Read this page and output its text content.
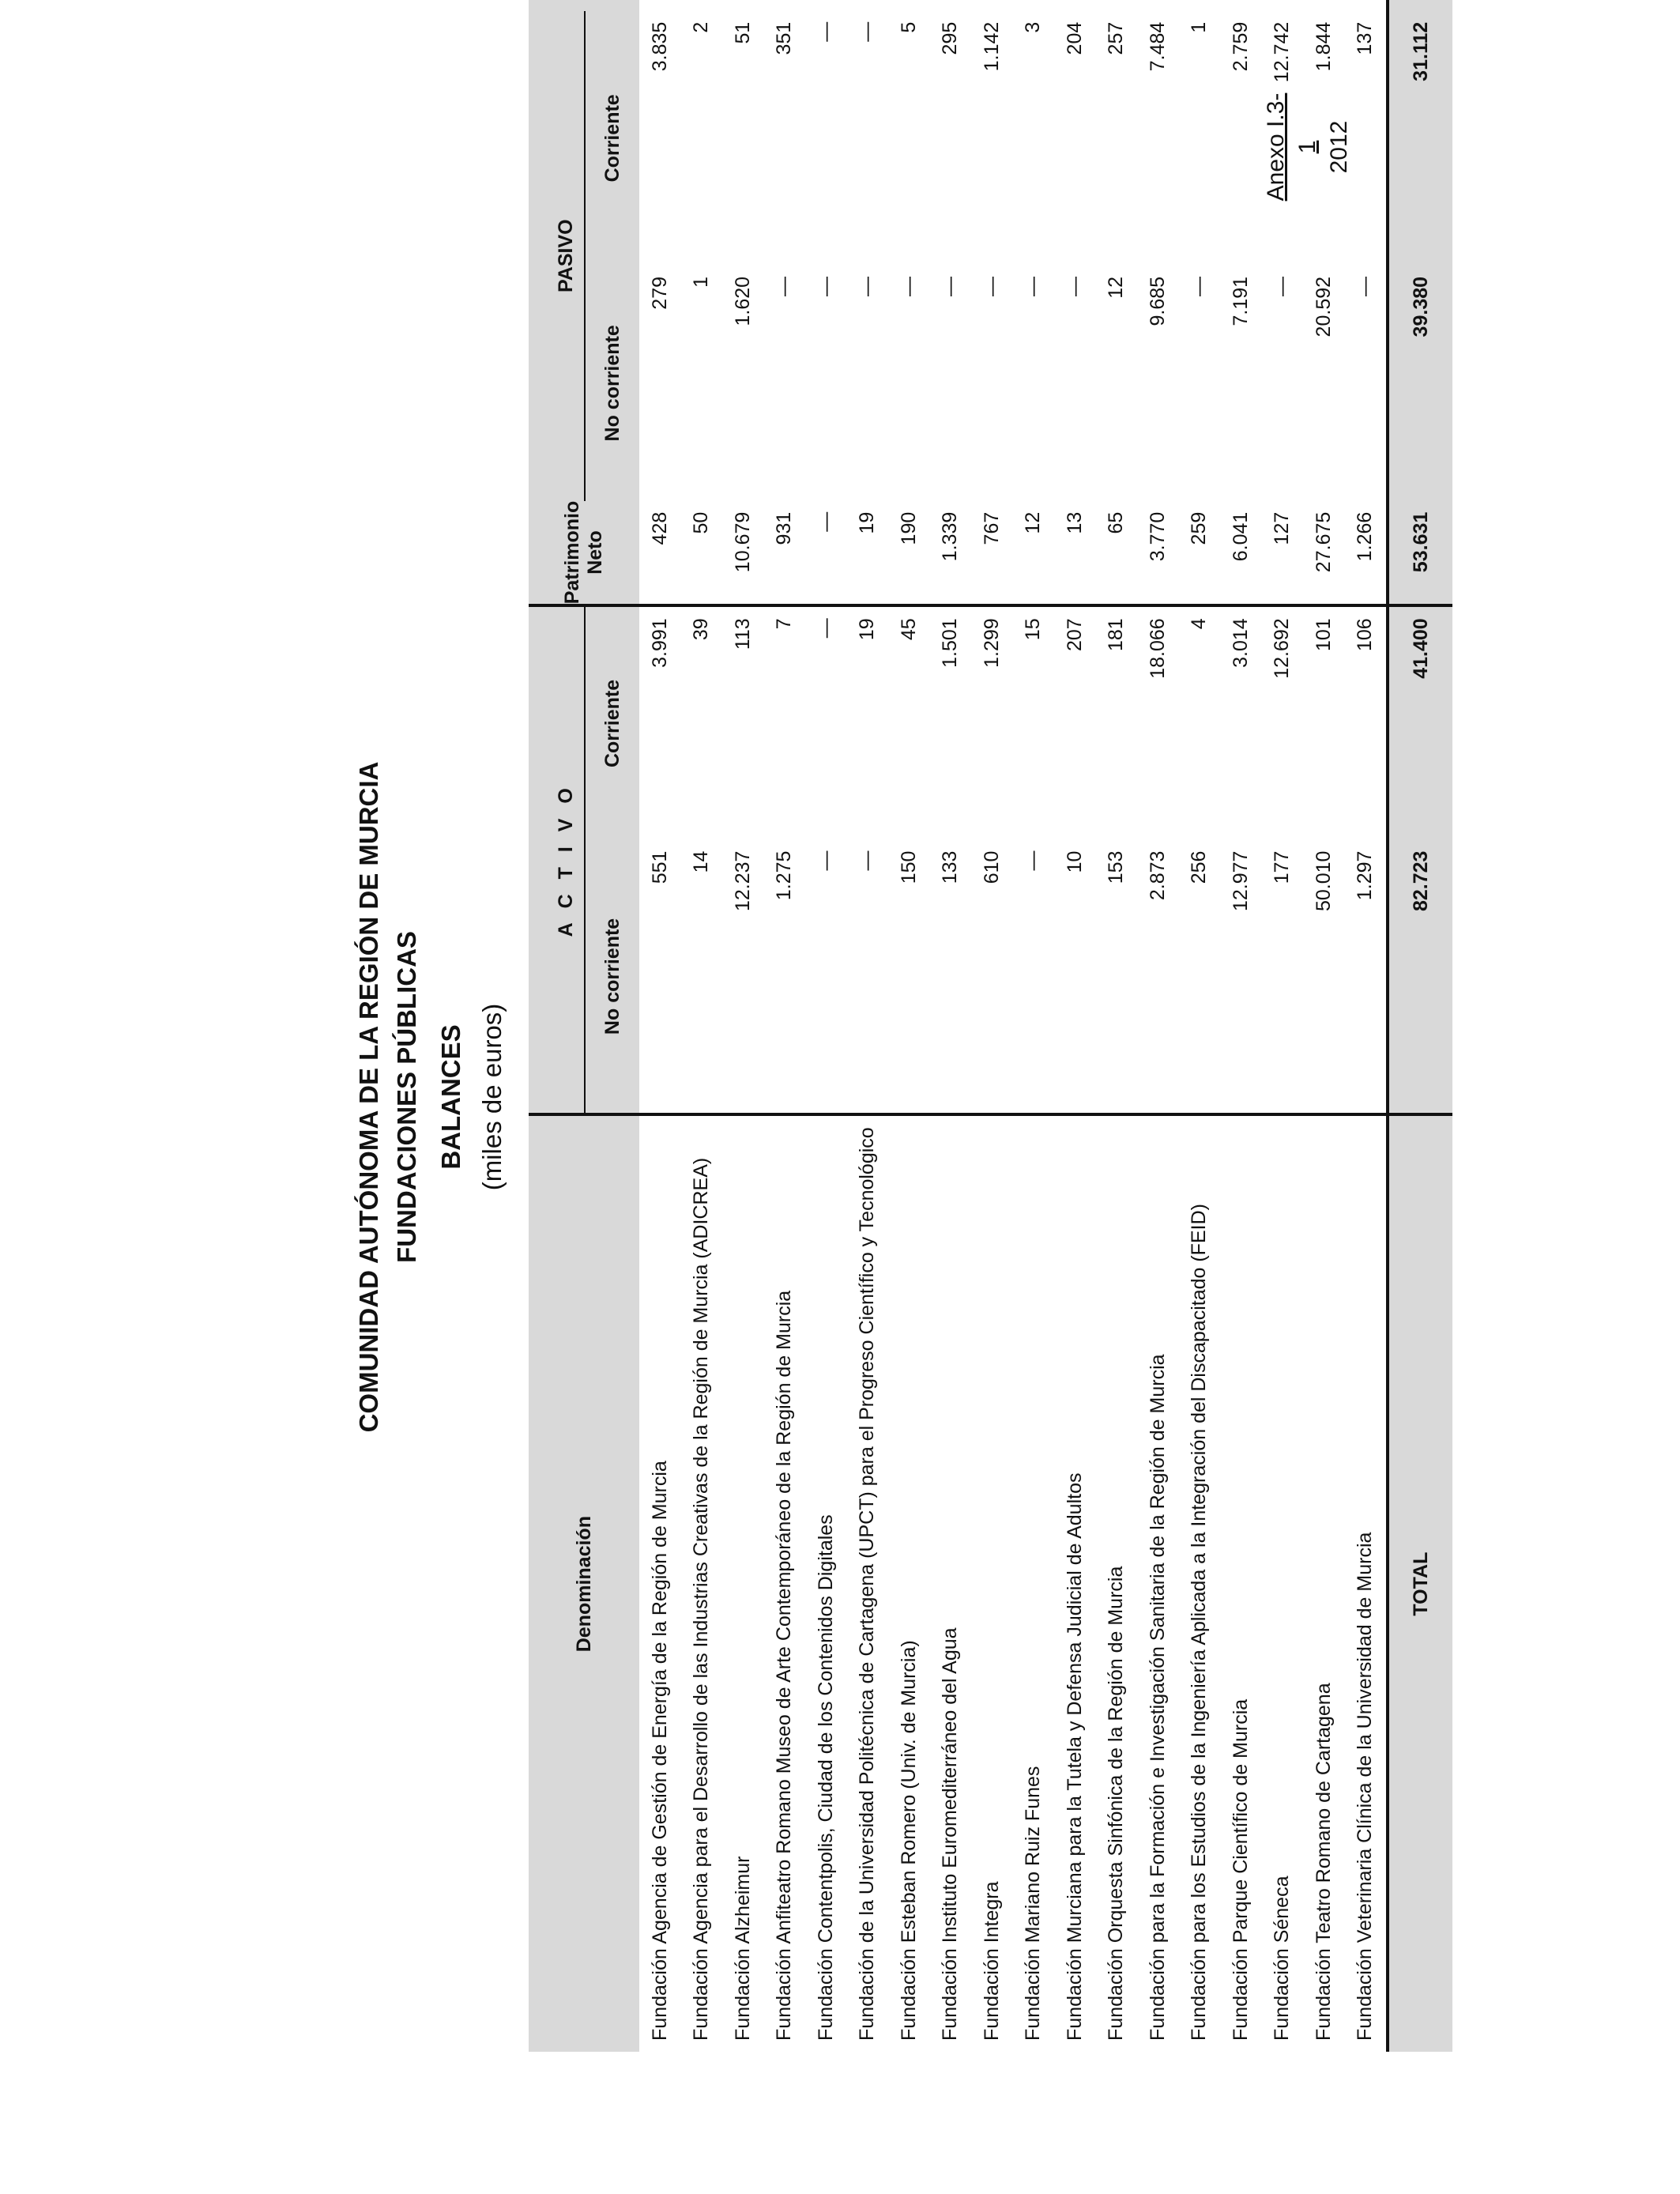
Anexo I.3-1 2012
COMUNIDAD AUTÓNOMA DE LA REGIÓN DE MURCIA FUNDACIONES PÚBLICAS BALANCES (miles de euros)
Denominación	A C T I V O		Patrimonio Neto	PASIVO	
	No corriente	Corriente		No corriente	Corriente	
Fundación Agencia de Gestión de Energía de la Región de Murcia	551	3.991	428	279	3.835	
Fundación Agencia para el Desarrollo de las Industrias Creativas de la Región de Murcia (ADICREA)	14	39	50	1	2	
Fundación Alzheimur	12.237	113	10.679	1.620	51	
Fundación Anfiteatro Romano Museo de Arte Contemporáneo de la Región de Murcia	1.275	7	931	—	351	
Fundación Contentpolis, Ciudad de los Contenidos Digitales	—	—	—	—	—	
Fundación de la Universidad Politécnica de Cartagena (UPCT) para el Progreso Científico y Tecnológico	—	19	19	—	—	
Fundación Esteban Romero (Univ. de Murcia)	150	45	190	—	5	
Fundación Instituto Euromediterráneo del Agua	133	1.501	1.339	—	295	
Fundación Integra	610	1.299	767	—	1.142	
Fundación Mariano Ruiz Funes	—	15	12	—	3	
Fundación Murciana para la Tutela y Defensa Judicial de Adultos	10	207	13	—	204	
Fundación Orquesta Sinfónica de la Región de Murcia	153	181	65	12	257	
Fundación para la Formación e Investigación Sanitaria de la Región de Murcia	2.873	18.066	3.770	9.685	7.484	
Fundación para los Estudios de la Ingeniería Aplicada a la Integración del Discapacitado (FEID)	256	4	259	—	1	
Fundación Parque Científico de Murcia	12.977	3.014	6.041	7.191	2.759	
Fundación Séneca	177	12.692	127	—	12.742	
Fundación Teatro Romano de Cartagena	50.010	101	27.675	20.592	1.844	
Fundación Veterinaria Clínica de la Universidad de Murcia	1.297	106	1.266	—	137	
TOTAL	82.723	41.400	53.631	39.380	31.112	
